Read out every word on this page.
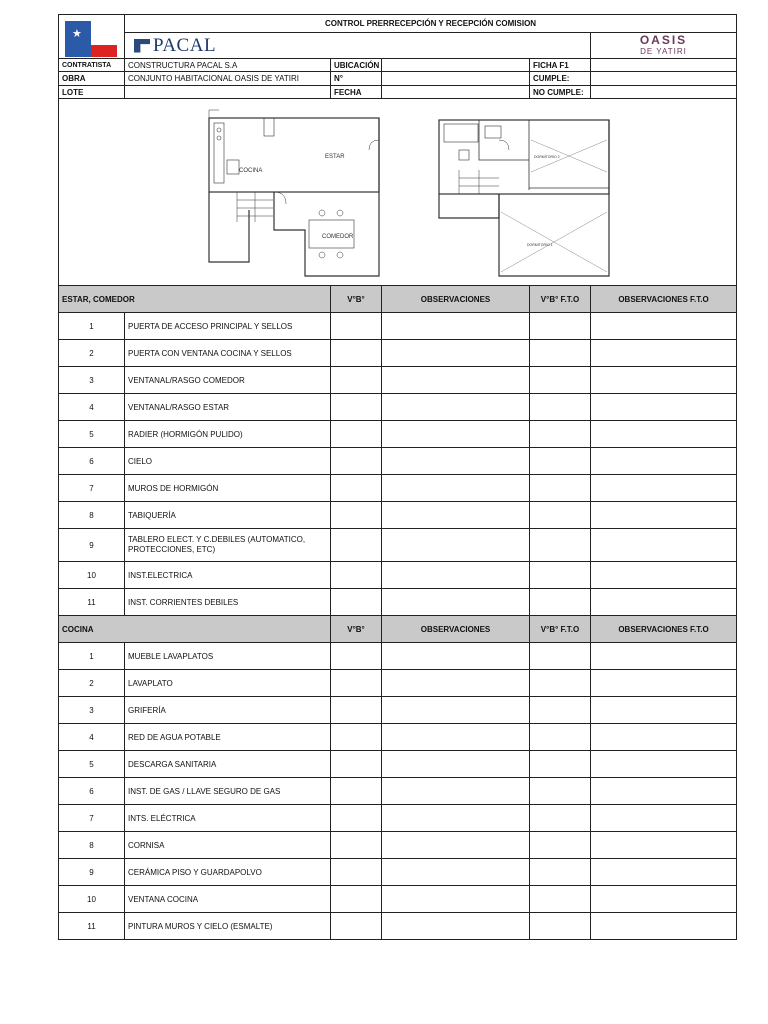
★	CONTROL PRERRECEPCIÓN Y RECEPCIÓN COMISION				

	PACAL				OASIS
DE YATIRI

CONTRATISTA	CONSTRUCTURA PACAL S.A	UBICACIÓN		FICHA F1	
OBRA	CONJUNTO HABITACIONAL OASIS DE YATIRI	N°		CUMPLE:	
LOTE		FECHA		NO CUMPLE:	

ESTAR
COCINA
COMEDOR
DORMITORIO 2
DORMITORIO 1					

ESTAR, COMEDOR		V°B°	OBSERVACIONES	V°B° F.T.O	OBSERVACIONES F.T.O
1	PUERTA DE ACCESO PRINCIPAL Y SELLOS				
2	PUERTA CON VENTANA COCINA Y SELLOS				
3	VENTANAL/RASGO COMEDOR				
4	VENTANAL/RASGO ESTAR				
5	RADIER (HORMIGÓN PULIDO)				
6	CIELO				
7	MUROS DE HORMIGÓN				
8	TABIQUERÍA				
9	TABLERO ELECT. Y C.DEBILES (AUTOMATICO, PROTECCIONES, ETC)				
10	INST.ELECTRICA				
11	INST. CORRIENTES DEBILES				
COCINA		V°B°	OBSERVACIONES	V°B° F.T.O	OBSERVACIONES F.T.O
1	MUEBLE LAVAPLATOS				
2	LAVAPLATO				
3	GRIFERÍA				
4	RED DE AGUA POTABLE				
5	DESCARGA SANITARIA				
6	INST. DE GAS / LLAVE SEGURO DE GAS				
7	INTS. ELÉCTRICA				
8	CORNISA				
9	CERÁMICA PISO Y GUARDAPOLVO				
10	VENTANA COCINA				
11	PINTURA MUROS Y CIELO (ESMALTE)				
